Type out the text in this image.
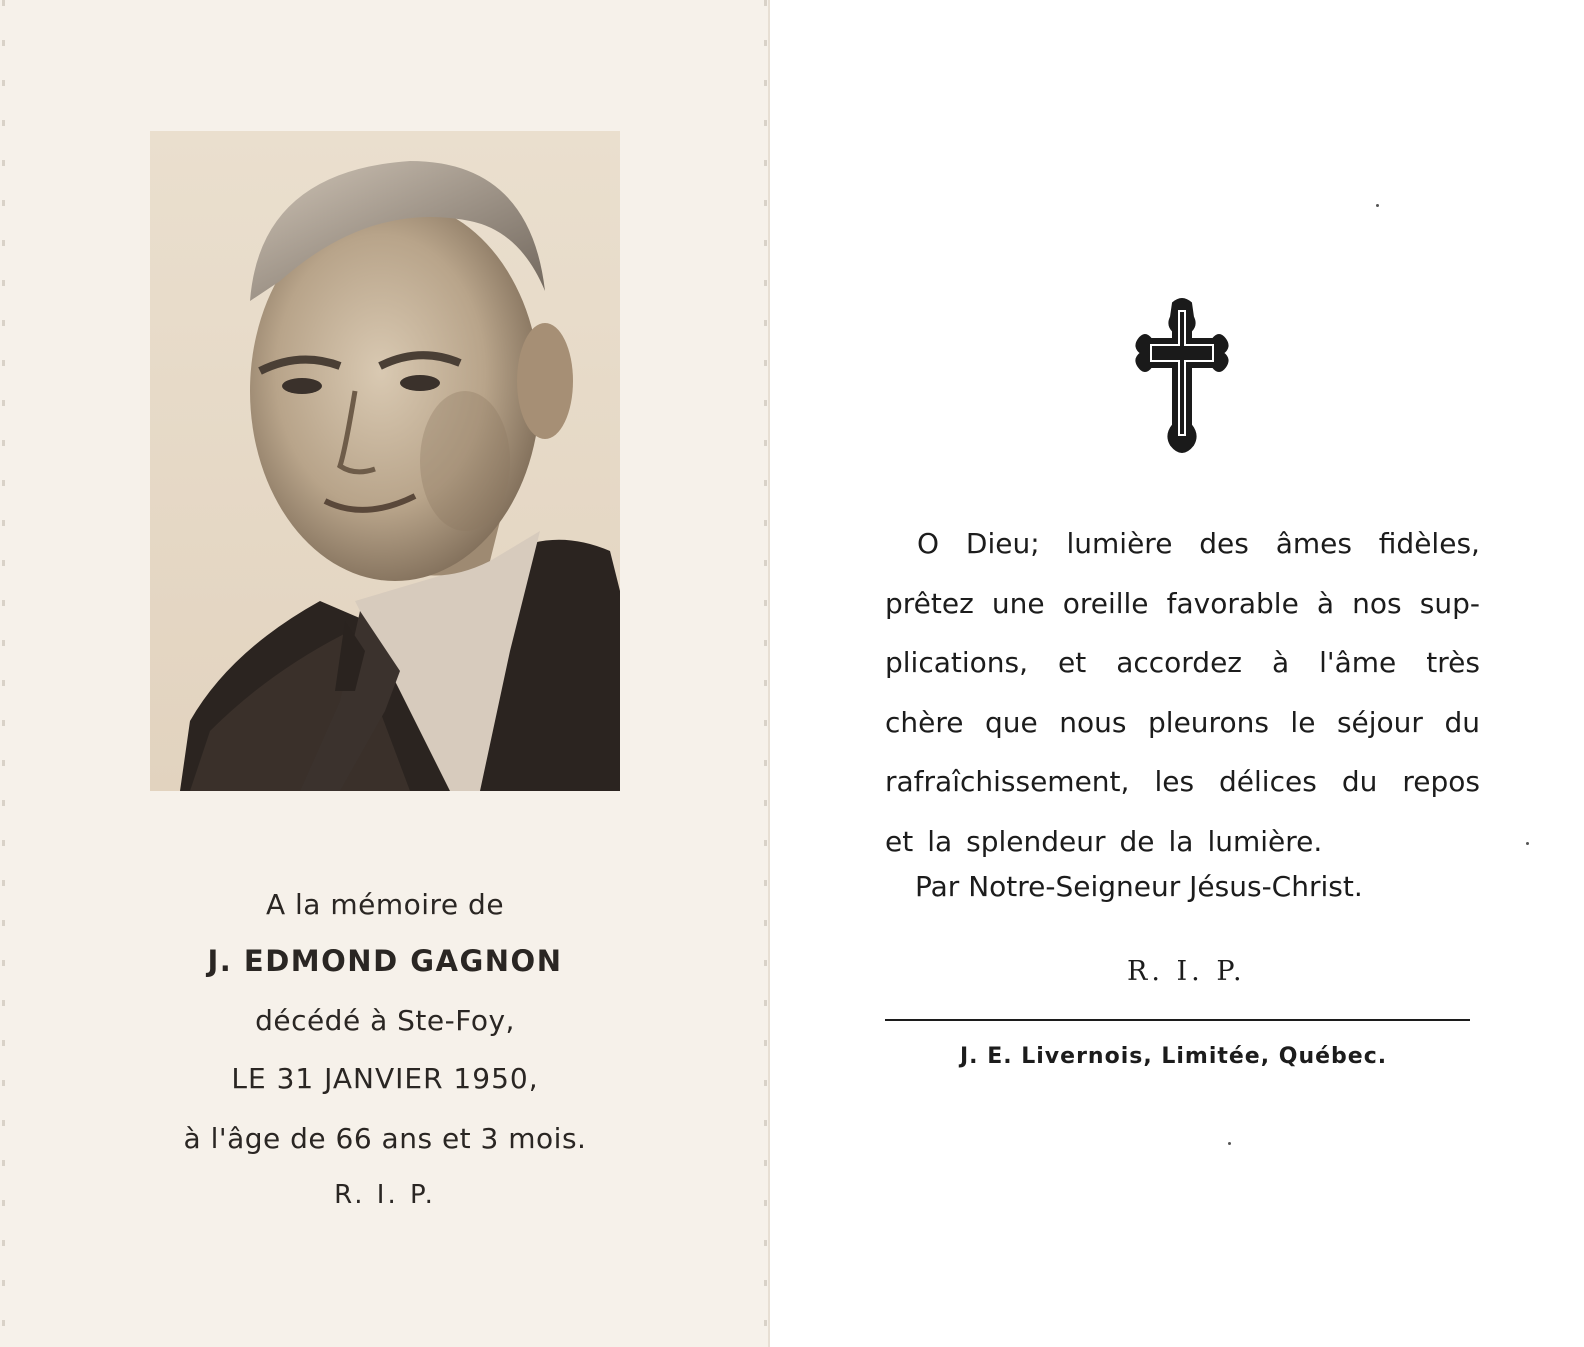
A la mémoire de
J. EDMOND GAGNON
décédé à Ste-Foy,
LE 31 JANVIER 1950,
à l'âge de 66 ans et 3 mois.
R. I. P.
O Dieu; lumière des âmes fidèles,
prêtez une oreille favorable à nos sup-
plications, et accordez à l'âme très
chère que nous pleurons le séjour du
rafraîchissement, les délices du repos
et la splendeur de la lumière.
Par Notre-Seigneur Jésus-Christ.
R. I. P.
J. E. Livernois, Limitée, Québec.
